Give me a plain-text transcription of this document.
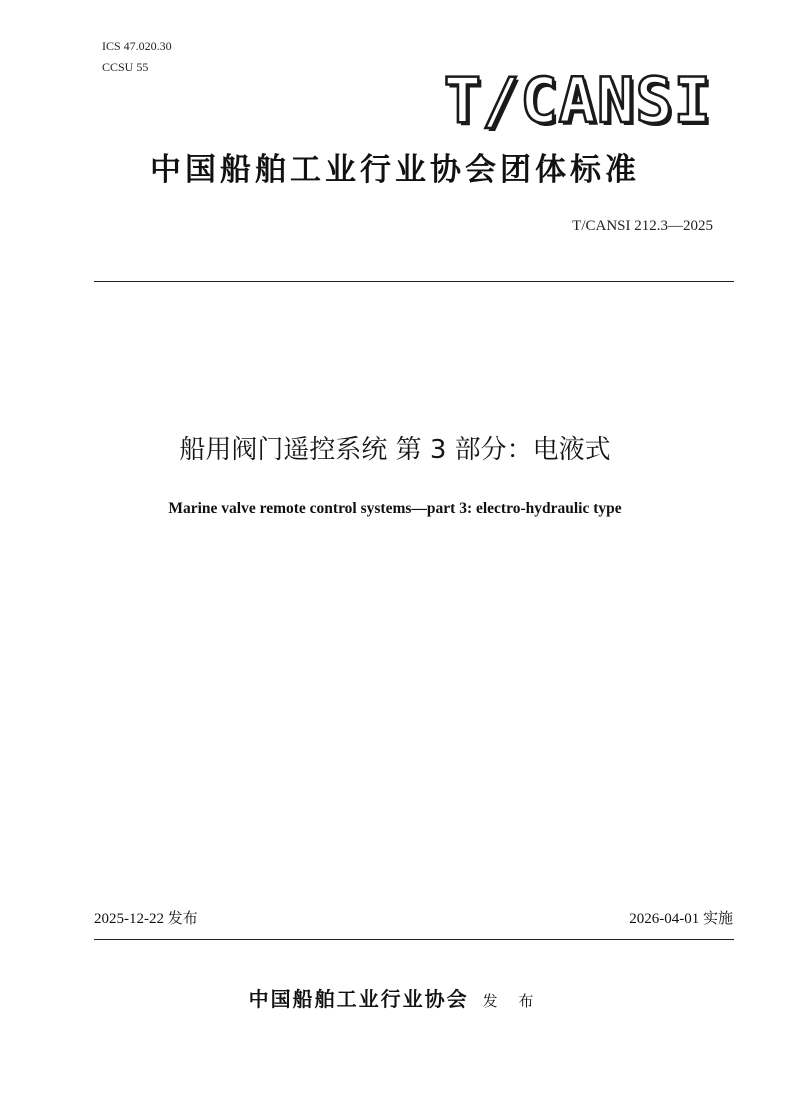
ICS 47.020.30
CCSU 55	T/CANSI
中国船舶工业行业协会团体标准
T/CANSI 212.3—2025
船用阀门遥控系统 第 3 部分：电液式
Marine valve remote control systems—part 3: electro-hydraulic type
2025-12-22 发布	2026-04-01 实施
中国船舶工业行业协会 发 布
